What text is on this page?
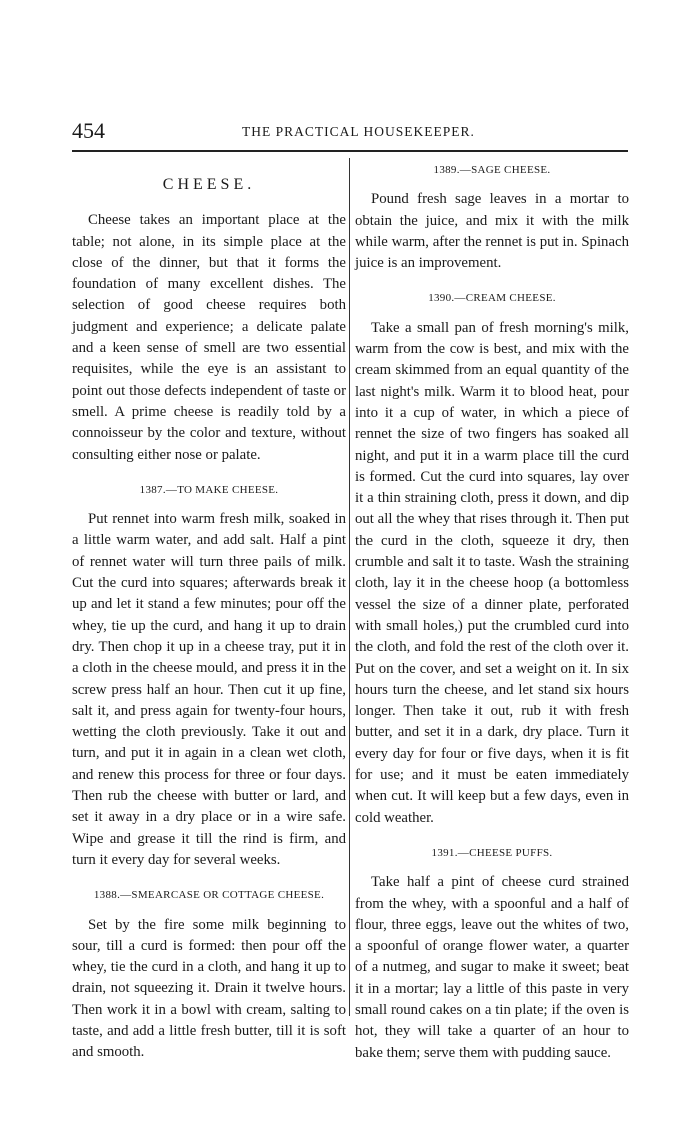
454	THE PRACTICAL HOUSEKEEPER.
CHEESE.

Cheese takes an important place at the table; not alone, in its simple place at the close of the dinner, but that it forms the foundation of many excellent dishes. The selection of good cheese requires both judgment and experience; a delicate palate and a keen sense of smell are two essential requisites, while the eye is an assistant to point out those defects independent of taste or smell. A prime cheese is readily told by a connoisseur by the color and texture, without consulting either nose or palate.

1387.—TO MAKE CHEESE.

Put rennet into warm fresh milk, soaked in a little warm water, and add salt. Half a pint of rennet water will turn three pails of milk. Cut the curd into squares; afterwards break it up and let it stand a few minutes; pour off the whey, tie up the curd, and hang it up to drain dry. Then chop it up in a cheese tray, put it in a cloth in the cheese mould, and press it in the screw press half an hour. Then cut it up fine, salt it, and press again for twenty-four hours, wetting the cloth previously. Take it out and turn, and put it in again in a clean wet cloth, and renew this process for three or four days. Then rub the cheese with butter or lard, and set it away in a dry place or in a wire safe. Wipe and grease it till the rind is firm, and turn it every day for several weeks.

1388.—SMEARCASE OR COTTAGE CHEESE.

Set by the fire some milk beginning to sour, till a curd is formed: then pour off the whey, tie the curd in a cloth, and hang it up to drain, not squeezing it. Drain it twelve hours. Then work it in a bowl with cream, salting to taste, and add a little fresh butter, till it is soft and smooth.

1389.—SAGE CHEESE.

Pound fresh sage leaves in a mortar to obtain the juice, and mix it with the milk while warm, after the rennet is put in. Spinach juice is an improvement.

1390.—CREAM CHEESE.

Take a small pan of fresh morning's milk, warm from the cow is best, and mix with the cream skimmed from an equal quantity of the last night's milk. Warm it to blood heat, pour into it a cup of water, in which a piece of rennet the size of two fingers has soaked all night, and put it in a warm place till the curd is formed. Cut the curd into squares, lay over it a thin straining cloth, press it down, and dip out all the whey that rises through it. Then put the curd in the cloth, squeeze it dry, then crumble and salt it to taste. Wash the straining cloth, lay it in the cheese hoop (a bottomless vessel the size of a dinner plate, perforated with small holes,) put the crumbled curd into the cloth, and fold the rest of the cloth over it. Put on the cover, and set a weight on it. In six hours turn the cheese, and let stand six hours longer. Then take it out, rub it with fresh butter, and set it in a dark, dry place. Turn it every day for four or five days, when it is fit for use; and it must be eaten immediately when cut. It will keep but a few days, even in cold weather.

1391.—CHEESE PUFFS.

Take half a pint of cheese curd strained from the whey, with a spoonful and a half of flour, three eggs, leave out the whites of two, a spoonful of orange flower water, a quarter of a nutmeg, and sugar to make it sweet; beat it in a mortar; lay a little of this paste in very small round cakes on a tin plate; if the oven is hot, they will take a quarter of an hour to bake them; serve them with pudding sauce.
